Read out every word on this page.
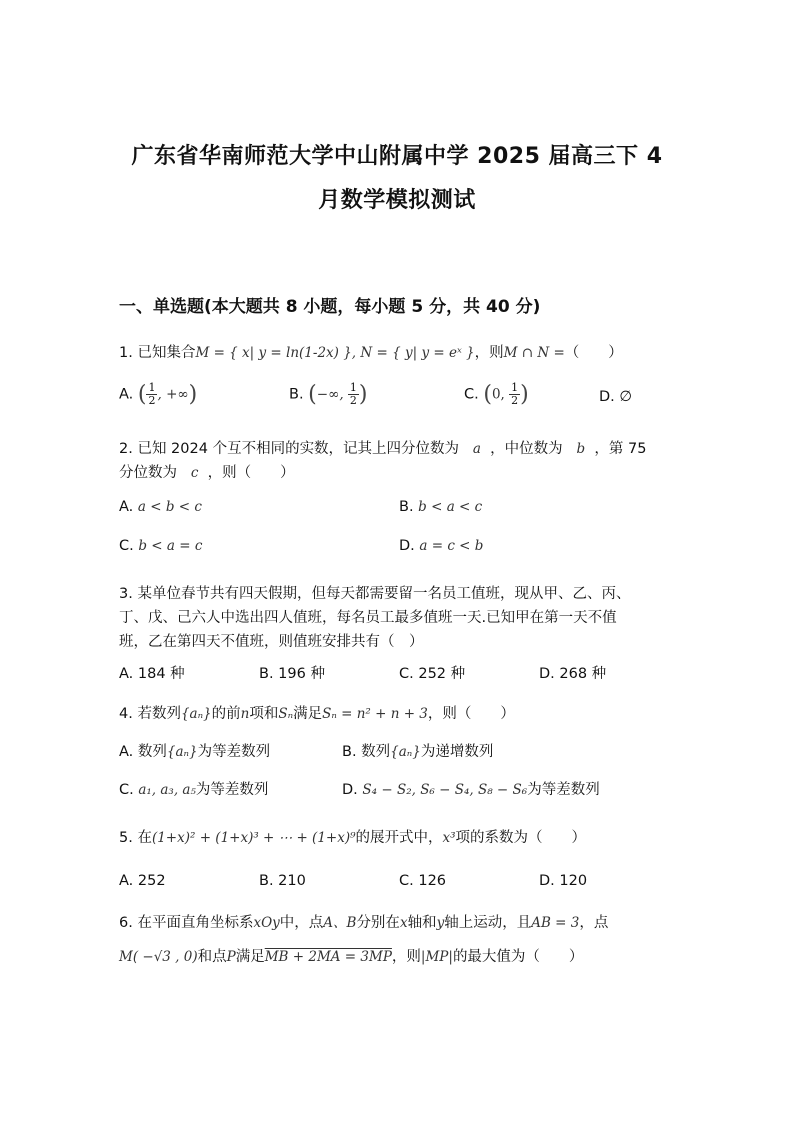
广东省华南师范大学中山附属中学 2025 届高三下 4
月数学模拟测试
一、单选题(本大题共 8 小题，每小题 5 分，共 40 分)
1. 已知集合M = { x| y = ln(1-2x) }, N = { y| y = eˣ }，则M ∩ N =（　　）
A. ( $\frac{1}{2}$ , +∞)	B. (−∞, $\frac{1}{2}$ )	C. (0, $\frac{1}{2}$ )	D. ∅
2. 已知 2024 个互不相同的实数，记其上四分位数为 a ，中位数为 b ，第 75
分位数为 c ，则（　　）
A. a < b < c	B. b < a < c
C. b < a = c	D. a = c < b
3. 某单位春节共有四天假期，但每天都需要留一名员工值班，现从甲、乙、丙、
丁、戊、己六人中选出四人值班，每名员工最多值班一天.已知甲在第一天不值
班，乙在第四天不值班，则值班安排共有（　）
A. 184 种	B. 196 种	C. 252 种	D. 268 种
4. 若数列{aₙ}的前n项和Sₙ满足Sₙ = n² + n + 3，则（　　）
A. 数列{aₙ}为等差数列	B. 数列{aₙ}为递增数列
C. a₁, a₃, a₅为等差数列	D. S₄ − S₂, S₆ − S₄, S₈ − S₆为等差数列
5. 在(1+x)² + (1+x)³ + ⋯ + (1+x)⁹的展开式中，x³项的系数为（　　）
A. 252	B. 210	C. 126	D. 120
6. 在平面直角坐标系xOy中，点A、B分别在x轴和y轴上运动，且AB = 3，点
M( −√3 , 0)和点P满足MB + 2MA = 3MP，则|MP|的最大值为（　　）
